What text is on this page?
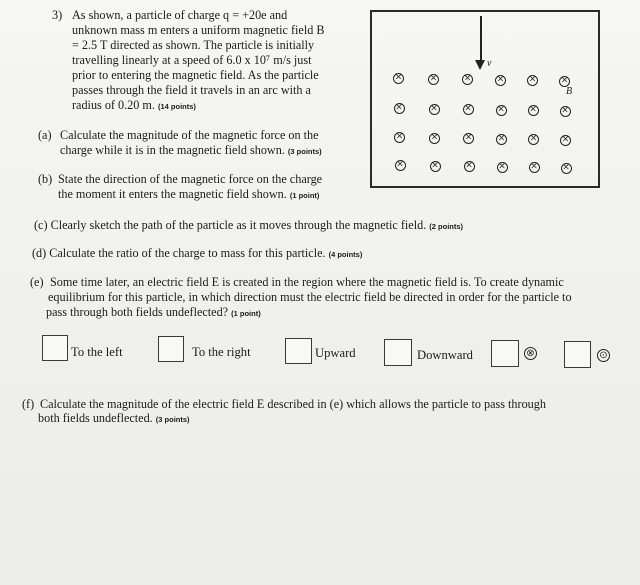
3) As shown, a particle of charge q = +20e and
unknown mass m enters a uniform magnetic field B
= 2.5 T directed as shown. The particle is initially
travelling linearly at a speed of 6.0 x 10⁷ m/s just
prior to entering the magnetic field. As the particle
passes through the field it travels in an arc with a
radius of 0.20 m. (14 points)
v
B
×	×	×	×	×	×
×	×	×	×	×	×
×	×	×	×	×	×
×	×	×	×	×	×
(a) Calculate the magnitude of the magnetic force on the
charge while it is in the magnetic field shown. (3 points)
(b) State the direction of the magnetic force on the charge
the moment it enters the magnetic field shown. (1 point)
(c) Clearly sketch the path of the particle as it moves through the magnetic field. (2 points)
(d) Calculate the ratio of the charge to mass for this particle. (4 points)
(e) Some time later, an electric field E is created in the region where the magnetic field is. To create dynamic
equilibrium for this particle, in which direction must the electric field be directed in order for the particle to
pass through both fields undeflected? (1 point)
To the left	To the right	Upward	Downward	⊗	⊙
(f) Calculate the magnitude of the electric field E described in (e) which allows the particle to pass through
both fields undeflected. (3 points)
